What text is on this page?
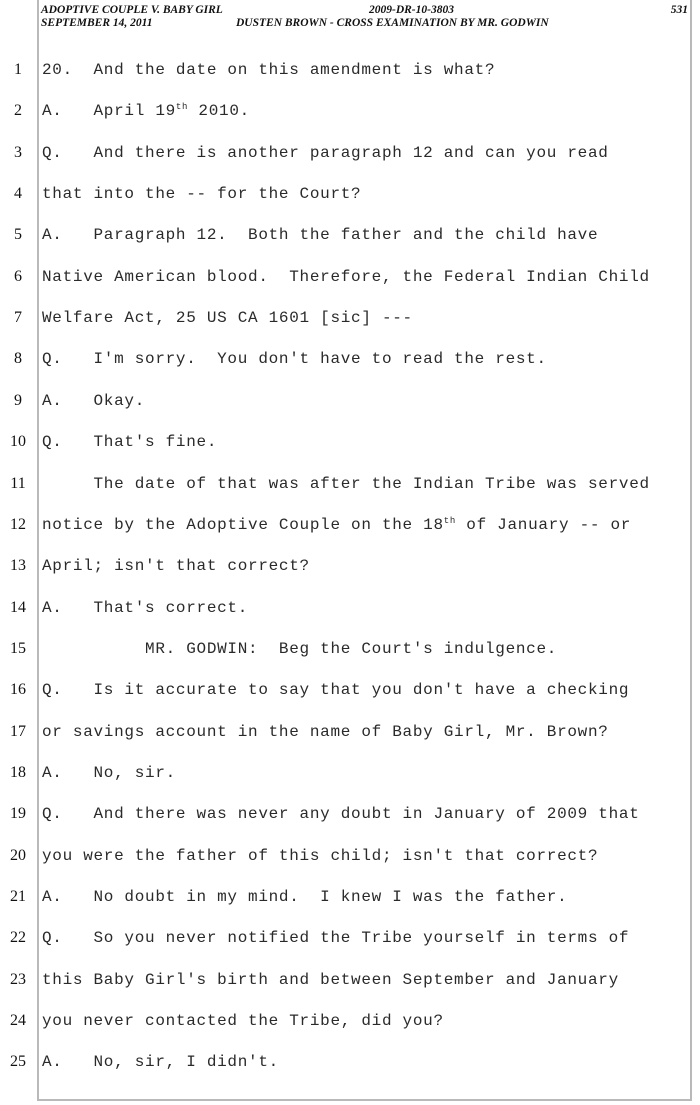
ADOPTIVE COUPLE V. BABY GIRL
SEPTEMBER 14, 2011
2009-DR-10-3803
DUSTEN BROWN - CROSS EXAMINATION BY MR. GODWIN
531
1	20.  And the date on this amendment is what?
2	A.   April 19th 2010.
3	Q.   And there is another paragraph 12 and can you read
4	that into the -- for the Court?
5	A.   Paragraph 12.  Both the father and the child have
6	Native American blood.  Therefore, the Federal Indian Child
7	Welfare Act, 25 US CA 1601 [sic] ---
8	Q.   I'm sorry.  You don't have to read the rest.
9	A.   Okay.
10	Q.   That's fine.
11	The date of that was after the Indian Tribe was served
12	notice by the Adoptive Couple on the 18th of January -- or
13	April; isn't that correct?
14	A.   That's correct.
15	MR. GODWIN:  Beg the Court's indulgence.
16	Q.   Is it accurate to say that you don't have a checking
17	or savings account in the name of Baby Girl, Mr. Brown?
18	A.   No, sir.
19	Q.   And there was never any doubt in January of 2009 that
20	you were the father of this child; isn't that correct?
21	A.   No doubt in my mind.  I knew I was the father.
22	Q.   So you never notified the Tribe yourself in terms of
23	this Baby Girl's birth and between September and January
24	you never contacted the Tribe, did you?
25	A.   No, sir, I didn't.
